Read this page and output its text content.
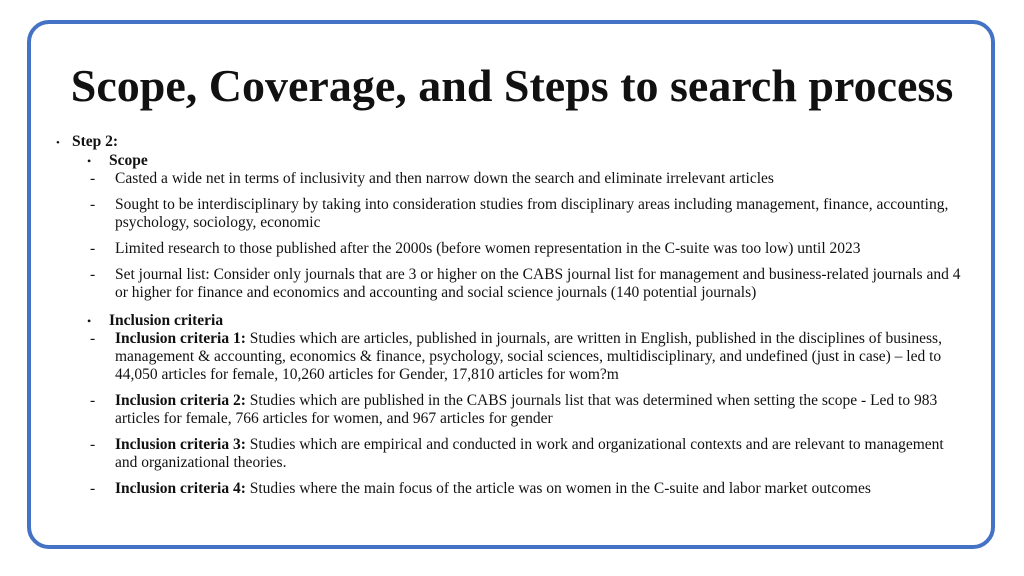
Scope, Coverage, and Steps to search process
• Step 2:
•	Scope
-	Casted a wide net in terms of inclusivity and then narrow down the search and eliminate irrelevant articles
-	Sought to be interdisciplinary by taking into consideration studies from disciplinary areas including management, finance, accounting, psychology, sociology, economic
-	Limited research to those published after the 2000s (before women representation in the C-suite was too low) until 2023
-	Set journal list: Consider only journals that are 3 or higher on the CABS journal list for management and business-related journals and 4 or higher for finance and economics and accounting and social science journals (140 potential journals)
•	Inclusion criteria
-	Inclusion criteria 1: Studies which are articles, published in journals, are written in English, published in the disciplines of business, management & accounting, economics & finance, psychology, social sciences, multidisciplinary, and undefined (just in case) – led to 44,050 articles for female, 10,260 articles for Gender, 17,810 articles for wom?m
-	Inclusion criteria 2: Studies which are published in the CABS journals list that was determined when setting the scope - Led to 983 articles for female, 766 articles for women, and 967 articles for gender
-	Inclusion criteria 3: Studies which are empirical and conducted in work and organizational contexts and are relevant to management and organizational theories.
-	Inclusion criteria 4: Studies where the main focus of the article was on women in the C-suite and labor market outcomes
